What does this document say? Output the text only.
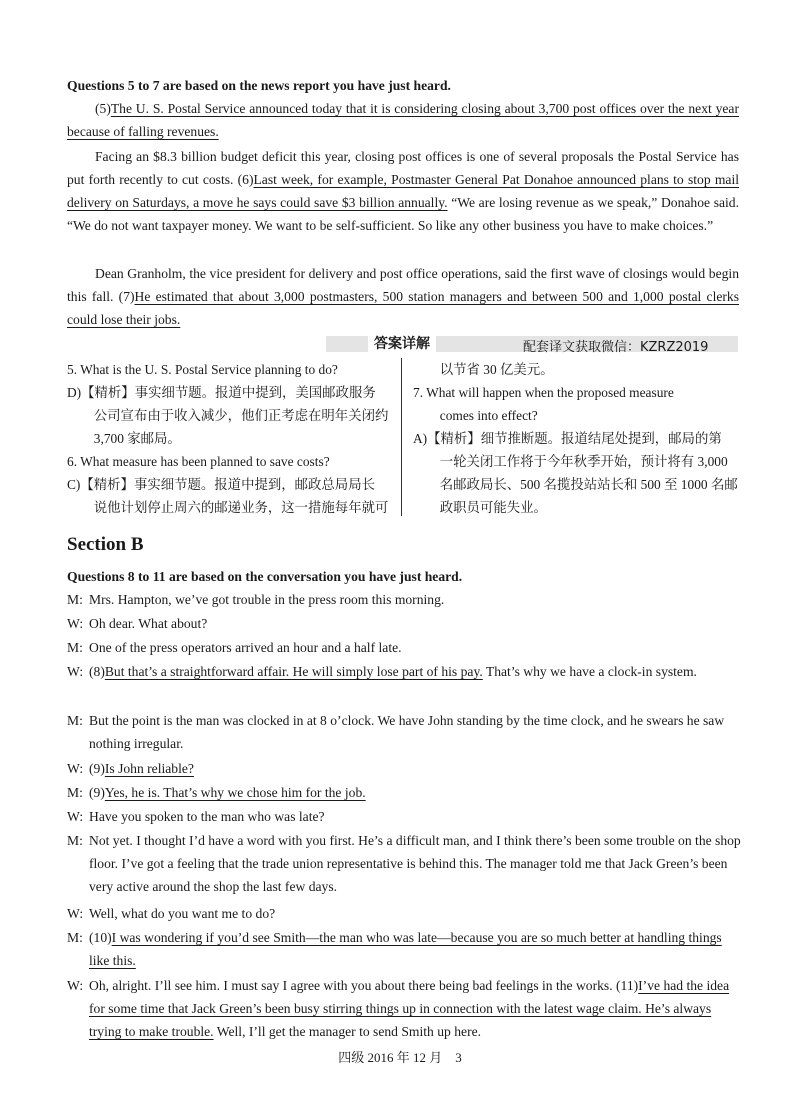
Questions 5 to 7 are based on the news report you have just heard.
(5)The U. S. Postal Service announced today that it is considering closing about 3,700 post offices over the next year because of falling revenues.
Facing an $8.3 billion budget deficit this year, closing post offices is one of several proposals the Postal Service has put forth recently to cut costs. (6)Last week, for example, Postmaster General Pat Donahoe announced plans to stop mail delivery on Saturdays, a move he says could save $3 billion annually. “We are losing revenue as we speak,” Donahoe said. “We do not want taxpayer money. We want to be self-sufficient. So like any other business you have to make choices.”
Dean Granholm, the vice president for delivery and post office operations, said the first wave of closings would begin this fall. (7)He estimated that about 3,000 postmasters, 500 station managers and between 500 and 1,000 postal clerks could lose their jobs.
答案详解	配套译文获取微信：KZRZ2019
5. What is the U. S. Postal Service planning to do?
D)【精析】事实细节题。报道中提到，美国邮政服务
　　公司宣布由于收入减少，他们正考虑在明年关闭约
　　3,700 家邮局。
6. What measure has been planned to save costs?
C)【精析】事实细节题。报道中提到，邮政总局局长
　　说他计划停止周六的邮递业务，这一措施每年就可
　　以节省 30 亿美元。
7. What will happen when the proposed measure
　　comes into effect?
A)【精析】细节推断题。报道结尾处提到，邮局的第
　　一轮关闭工作将于今年秋季开始，预计将有 3,000
　　名邮政局长、500 名揽投站站长和 500 至 1000 名邮
　　政职员可能失业。
Section B
Questions 8 to 11 are based on the conversation you have just heard.
M: Mrs. Hampton, we’ve got trouble in the press room this morning.
W: Oh dear. What about?
M: One of the press operators arrived an hour and a half late.
W: (8)But that’s a straightforward affair. He will simply lose part of his pay. That’s why we have a clock-in system.
M: But the point is the man was clocked in at 8 o’clock. We have John standing by the time clock, and he swears he saw nothing irregular.
W: (9)Is John reliable?
M: (9)Yes, he is. That’s why we chose him for the job.
W: Have you spoken to the man who was late?
M: Not yet. I thought I’d have a word with you first. He’s a difficult man, and I think there’s been some trouble on the shop floor. I’ve got a feeling that the trade union representative is behind this. The manager told me that Jack Green’s been very active around the shop the last few days.
W: Well, what do you want me to do?
M: (10)I was wondering if you’d see Smith—the man who was late—because you are so much better at handling things like this.
W: Oh, alright. I’ll see him. I must say I agree with you about there being bad feelings in the works. (11)I’ve had the idea for some time that Jack Green’s been busy stirring things up in connection with the latest wage claim. He’s always trying to make trouble. Well, I’ll get the manager to send Smith up here.
四级 2016 年 12 月　3
